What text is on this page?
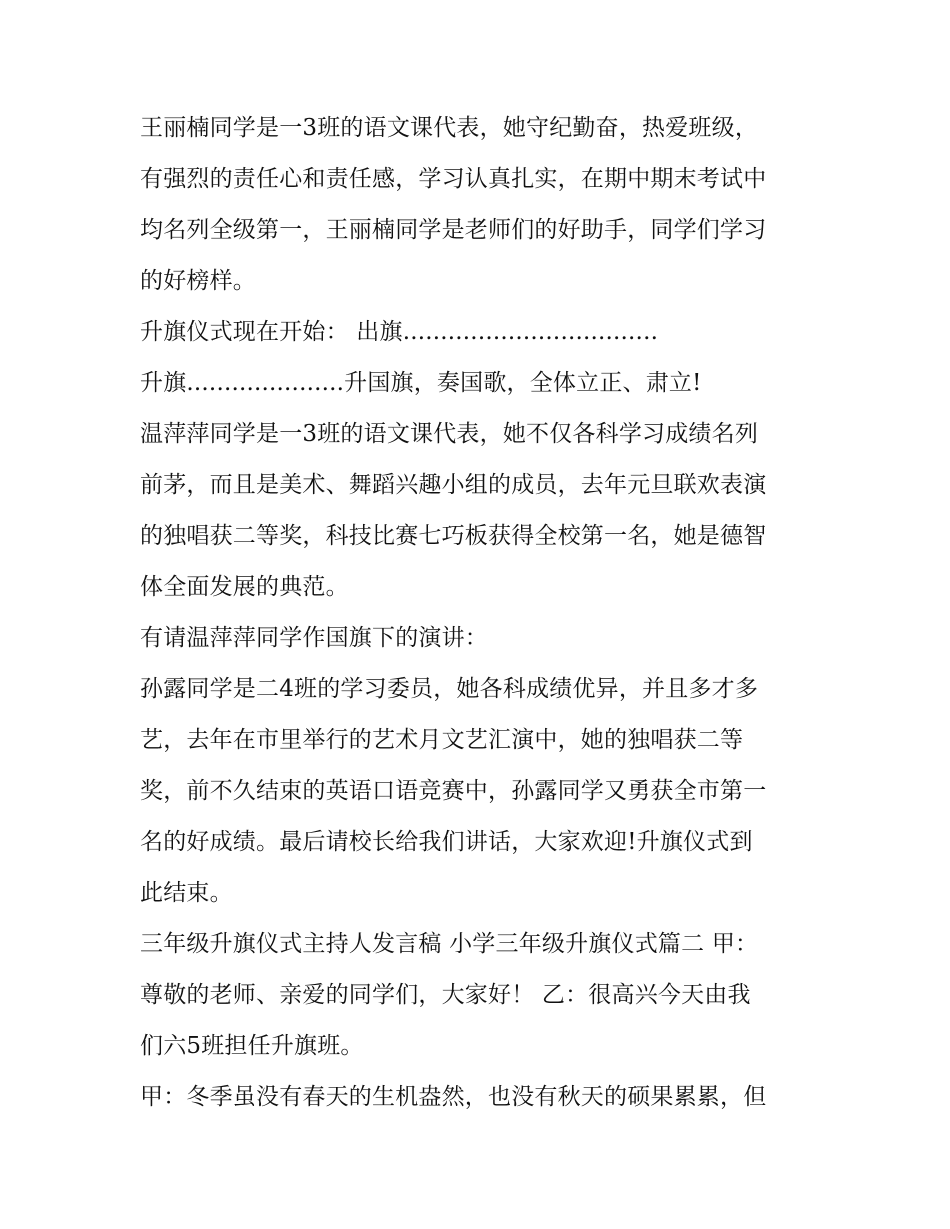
王丽楠同学是一3班的语文课代表，她守纪勤奋，热爱班级，
有强烈的责任心和责任感，学习认真扎实，在期中期末考试中
均名列全级第一，王丽楠同学是老师们的好助手，同学们学习
的好榜样。
升旗仪式现在开始： 出旗..................................
升旗.....................升国旗，奏国歌，全体立正、肃立!
温萍萍同学是一3班的语文课代表，她不仅各科学习成绩名列
前茅，而且是美术、舞蹈兴趣小组的成员，去年元旦联欢表演
的独唱获二等奖，科技比赛七巧板获得全校第一名，她是德智
体全面发展的典范。
有请温萍萍同学作国旗下的演讲：
孙露同学是二4班的学习委员，她各科成绩优异，并且多才多
艺，去年在市里举行的艺术月文艺汇演中，她的独唱获二等
奖，前不久结束的英语口语竞赛中，孙露同学又勇获全市第一
名的好成绩。最后请校长给我们讲话，大家欢迎!升旗仪式到
此结束。
三年级升旗仪式主持人发言稿 小学三年级升旗仪式篇二 甲：
尊敬的老师、亲爱的同学们，大家好！ 乙：很高兴今天由我
们六5班担任升旗班。
甲：冬季虽没有春天的生机盎然，也没有秋天的硕果累累，但
